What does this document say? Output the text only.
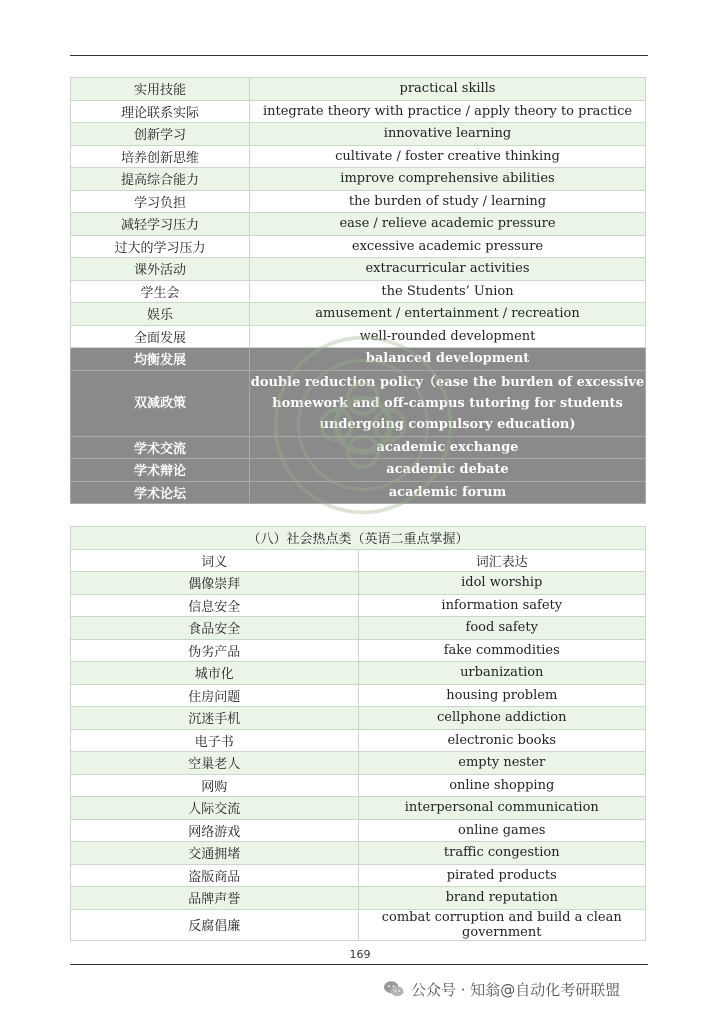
实用技能	practical skills
理论联系实际	integrate theory with practice / apply theory to practice
创新学习	innovative learning
培养创新思维	cultivate / foster creative thinking
提高综合能力	improve comprehensive abilities
学习负担	the burden of study / learning
减轻学习压力	ease / relieve academic pressure
过大的学习压力	excessive academic pressure
课外活动	extracurricular activities
学生会	the Students’ Union
娱乐	amusement / entertainment / recreation
全面发展	well-rounded development
均衡发展	balanced development
双减政策	double reduction policy（ease the burden of excessive homework and off-campus tutoring for students undergoing compulsory education)
学术交流	academic exchange
学术辩论	academic debate
学术论坛	academic forum
（八）社会热点类（英语二重点掌握）	
词义	词汇表达
偶像崇拜	idol worship
信息安全	information safety
食品安全	food safety
伪劣产品	fake commodities
城市化	urbanization
住房问题	housing problem
沉迷手机	cellphone addiction
电子书	electronic books
空巢老人	empty nester
网购	online shopping
人际交流	interpersonal communication
网络游戏	online games
交通拥堵	traffic congestion
盗版商品	pirated products
品牌声誉	brand reputation
反腐倡廉	combat corruption and build a clean government
169
公众号 · 知翁@自动化考研联盟
